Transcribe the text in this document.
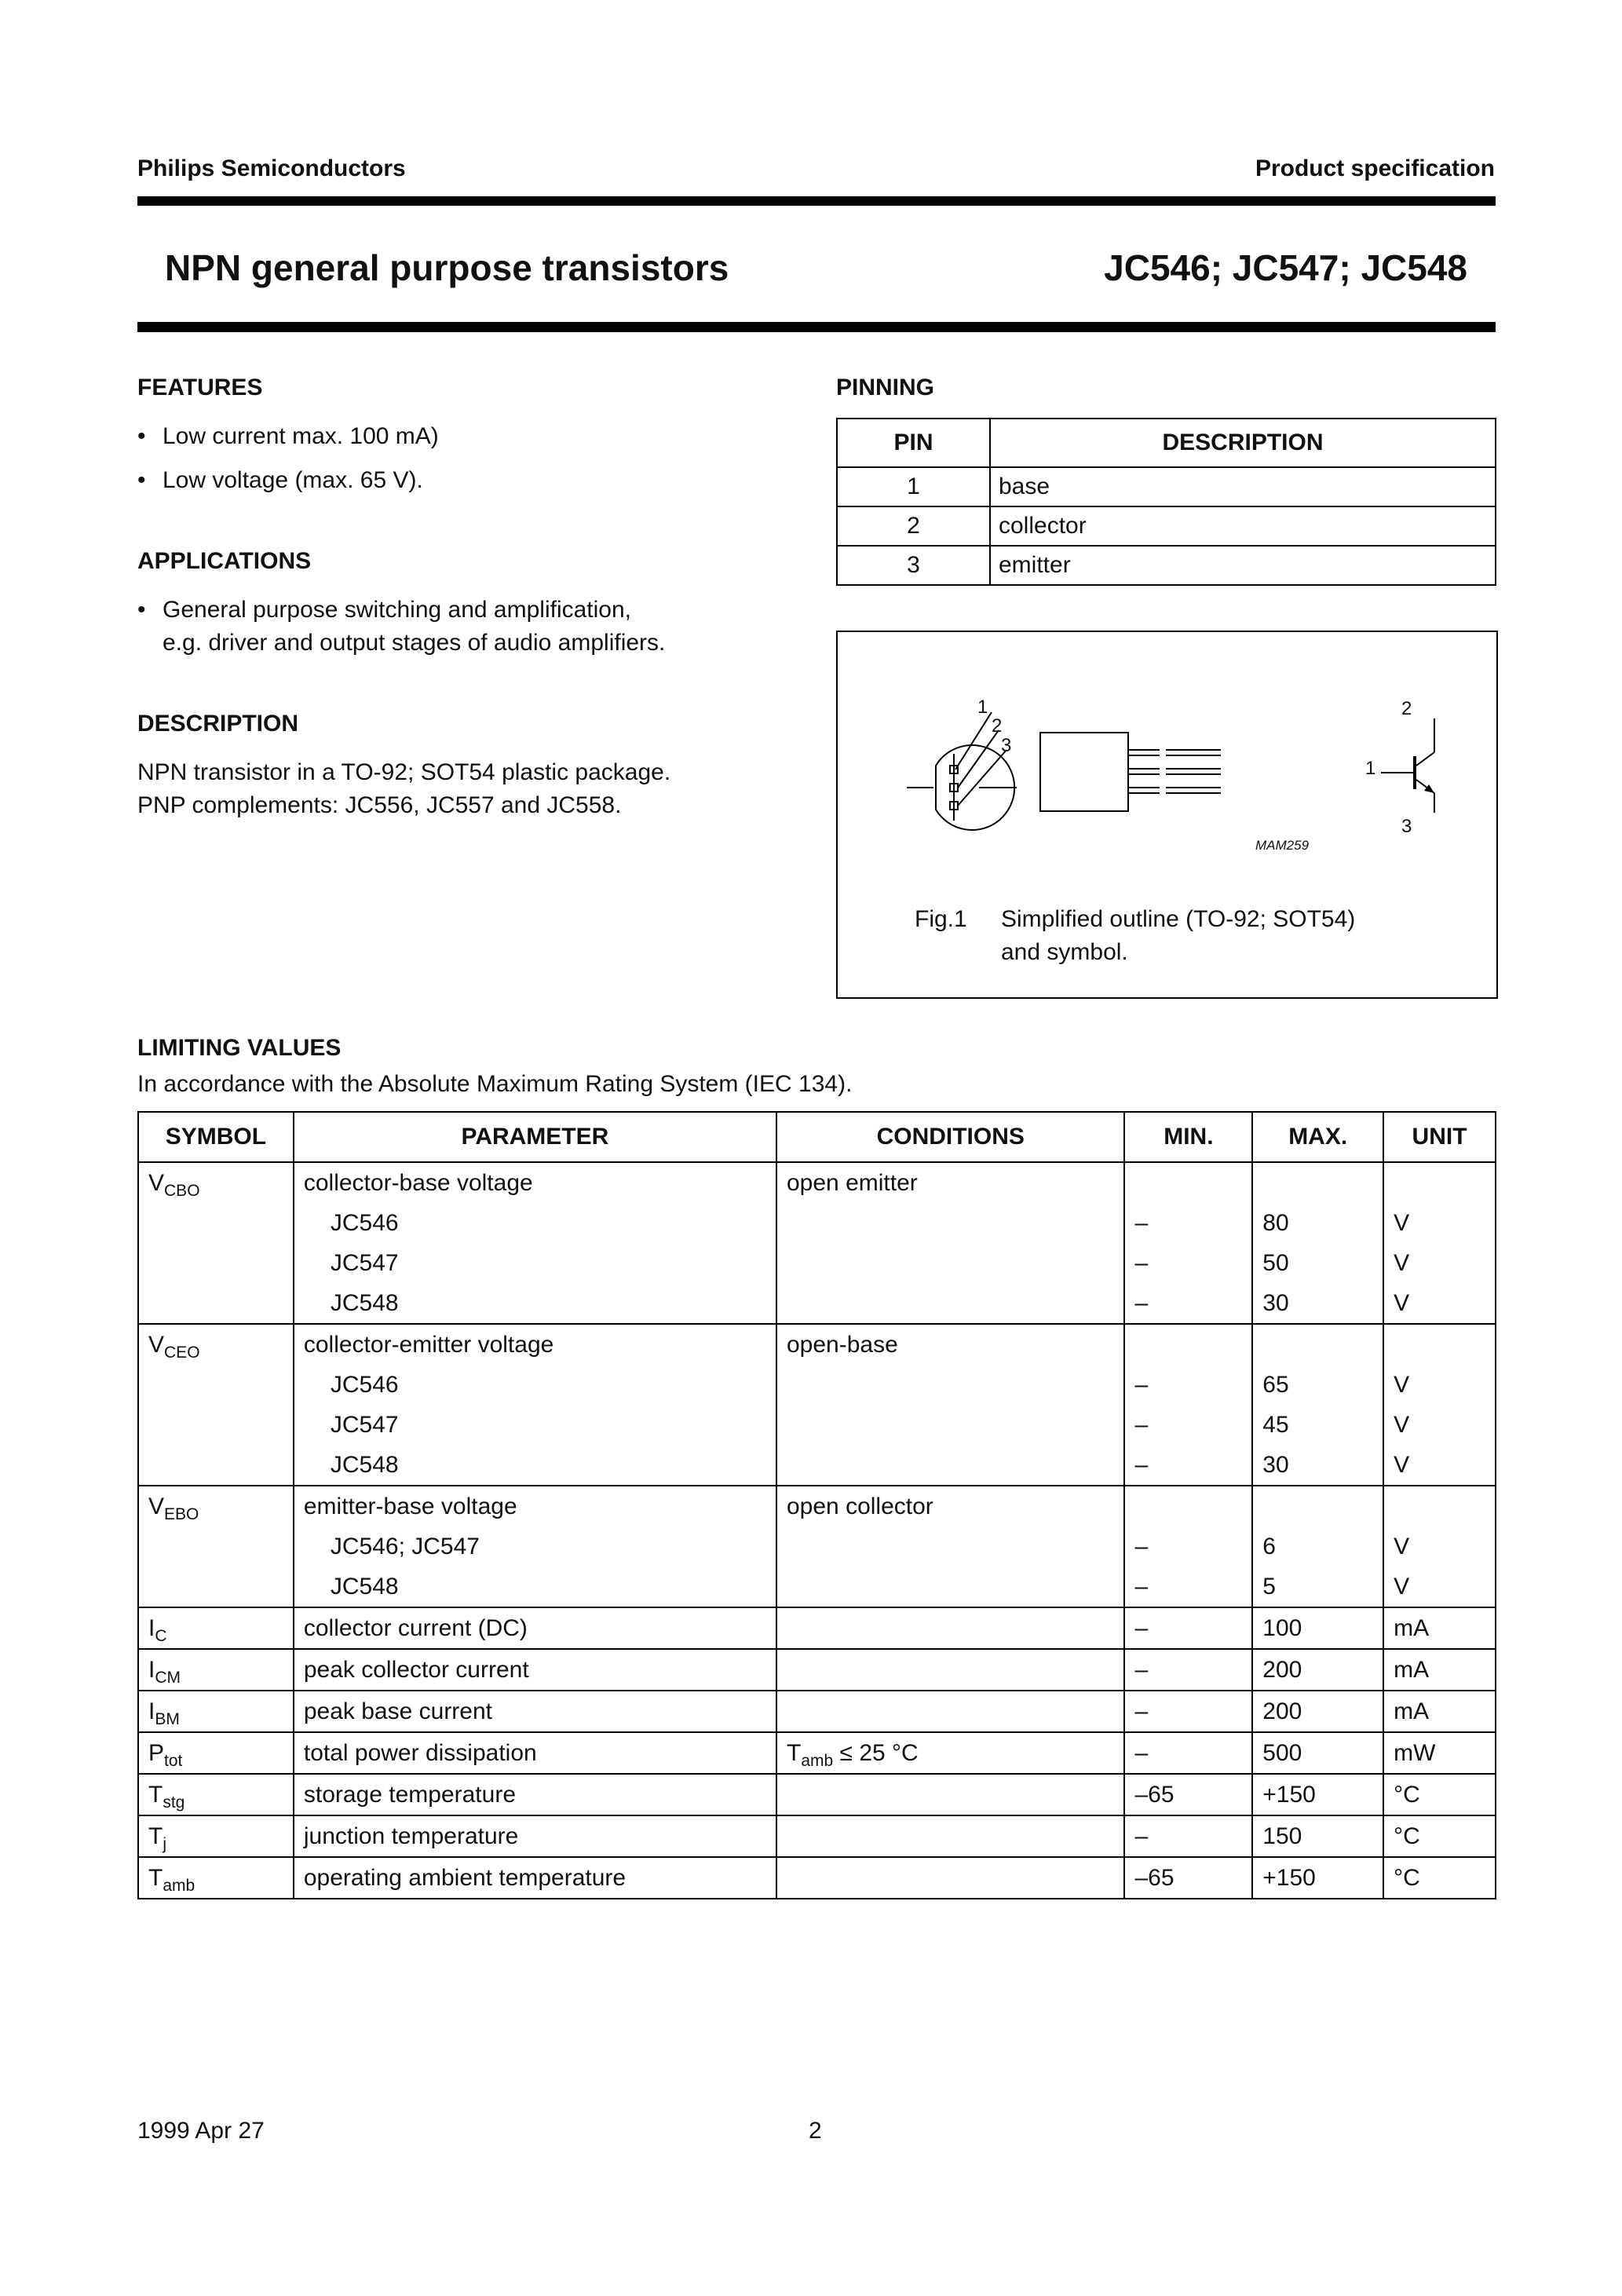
Philips Semiconductors	Product specification
NPN general purpose transistors	JC546; JC547; JC548
FEATURES
• Low current max. 100 mA)
• Low voltage (max. 65 V).
APPLICATIONS
• General purpose switching and amplification,
e.g. driver and output stages of audio amplifiers.
DESCRIPTION
NPN transistor in a TO-92; SOT54 plastic package.
PNP complements: JC556, JC557 and JC558.
PINNING
PIN	DESCRIPTION
1	base
2	collector
3	emitter
1
2
3
1
2
3
MAM259
Fig.1 Simplified outline (TO-92; SOT54)
and symbol.
LIMITING VALUES
In accordance with the Absolute Maximum Rating System (IEC 134).
SYMBOL	PARAMETER	CONDITIONS	MIN.	MAX.	UNIT
$V_{CBO}$	collector-base voltage	open emitter			
	JC546		–	80	V
	JC547		–	50	V
	JC548		–	30	V
$V_{CEO}$	collector-emitter voltage	open-base			
	JC546		–	65	V
	JC547		–	45	V
	JC548		–	30	V
$V_{EBO}$	emitter-base voltage	open collector			
	JC546; JC547		–	6	V
	JC548		–	5	V
$I_C$	collector current (DC)		–	100	mA
$I_{CM}$	peak collector current		–	200	mA
$I_{BM}$	peak base current		–	200	mA
$P_{tot}$	total power dissipation	$T_{amb} \le 25$ °C	–	500	mW
$T_{stg}$	storage temperature		–65	+150	°C
$T_j$	junction temperature		–	150	°C
$T_{amb}$	operating ambient temperature		–65	+150	°C
1999 Apr 27	2
